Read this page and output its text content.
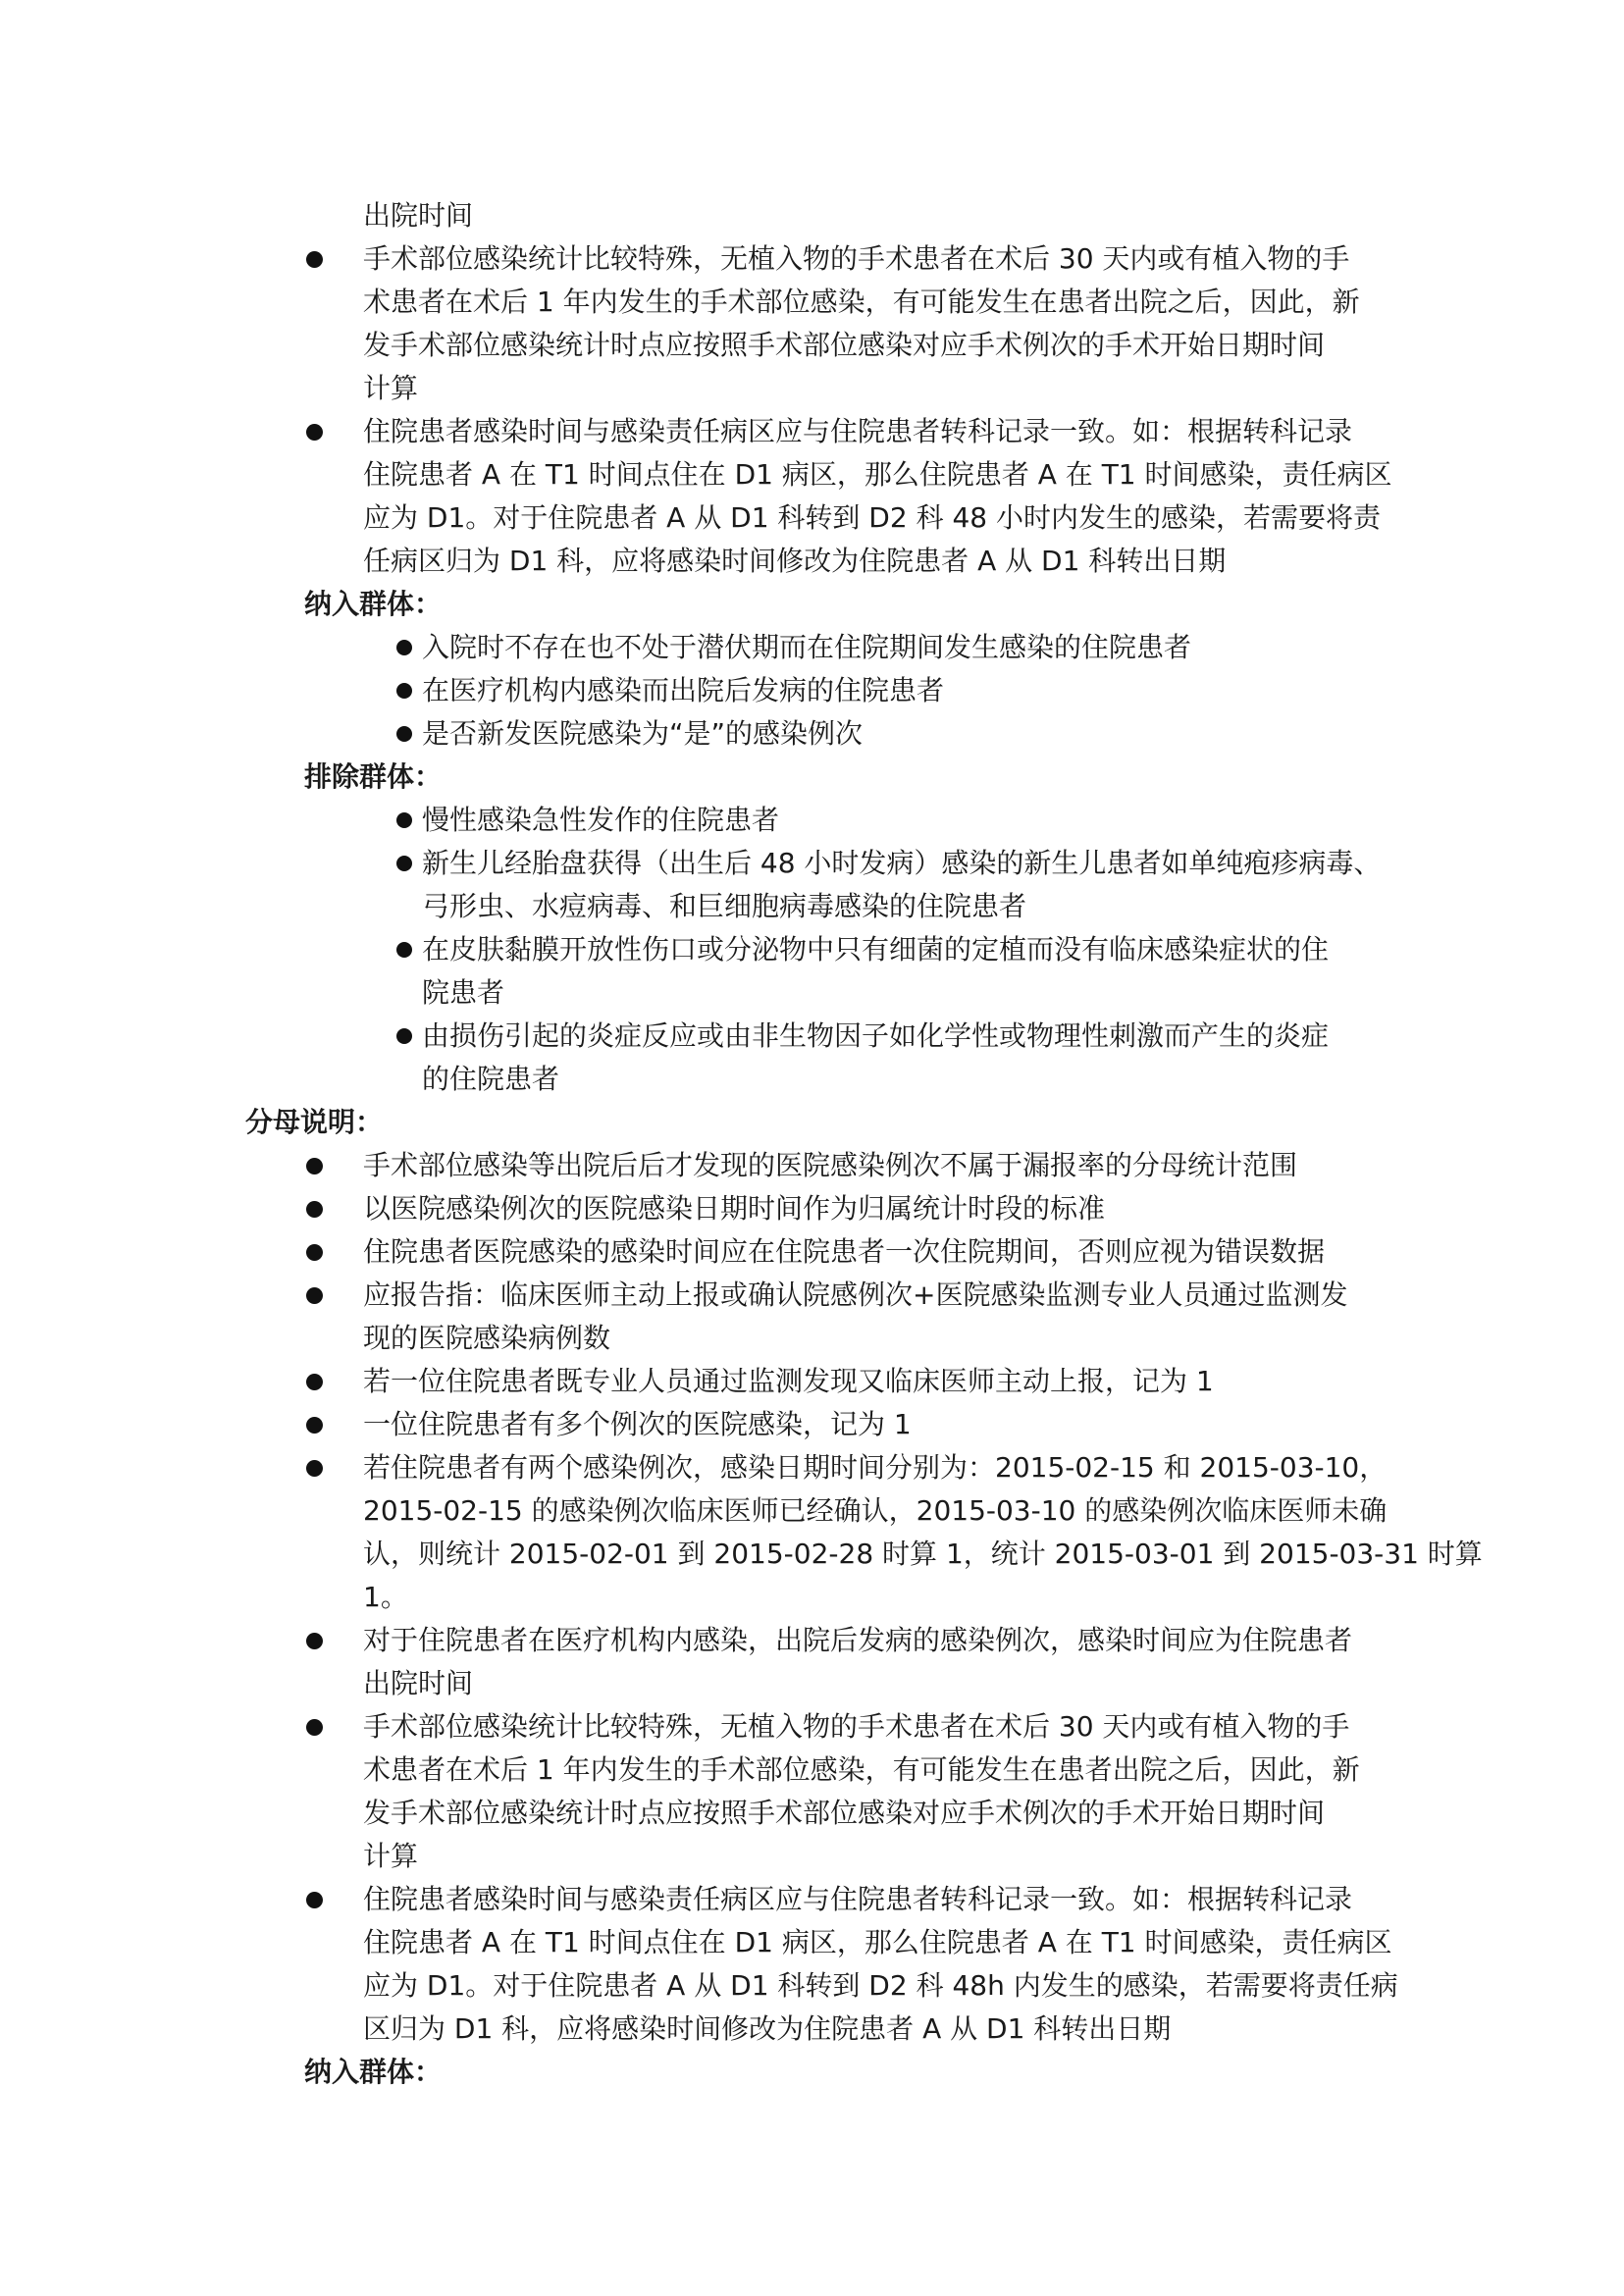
出院时间
手术部位感染统计比较特殊，无植入物的手术患者在术后 30 天内或有植入物的手
术患者在术后 1 年内发生的手术部位感染，有可能发生在患者出院之后，因此，新
发手术部位感染统计时点应按照手术部位感染对应手术例次的手术开始日期时间
计算
住院患者感染时间与感染责任病区应与住院患者转科记录一致。如：根据转科记录
住院患者 A 在 T1 时间点住在 D1 病区，那么住院患者 A 在 T1 时间感染，责任病区
应为 D1。对于住院患者 A 从 D1 科转到 D2 科 48 小时内发生的感染，若需要将责
任病区归为 D1 科，应将感染时间修改为住院患者 A 从 D1 科转出日期
纳入群体：
入院时不存在也不处于潜伏期而在住院期间发生感染的住院患者
在医疗机构内感染而出院后发病的住院患者
是否新发医院感染为“是”的感染例次
排除群体：
慢性感染急性发作的住院患者
新生儿经胎盘获得（出生后 48 小时发病）感染的新生儿患者如单纯疱疹病毒、
弓形虫、水痘病毒、和巨细胞病毒感染的住院患者
在皮肤黏膜开放性伤口或分泌物中只有细菌的定植而没有临床感染症状的住
院患者
由损伤引起的炎症反应或由非生物因子如化学性或物理性刺激而产生的炎症
的住院患者
分母说明：
手术部位感染等出院后后才发现的医院感染例次不属于漏报率的分母统计范围
以医院感染例次的医院感染日期时间作为归属统计时段的标准
住院患者医院感染的感染时间应在住院患者一次住院期间，否则应视为错误数据
应报告指：临床医师主动上报或确认院感例次+医院感染监测专业人员通过监测发
现的医院感染病例数
若一位住院患者既专业人员通过监测发现又临床医师主动上报，记为 1
一位住院患者有多个例次的医院感染，记为 1
若住院患者有两个感染例次，感染日期时间分别为：2015-02-15 和 2015-03-10，
2015-02-15 的感染例次临床医师已经确认，2015-03-10 的感染例次临床医师未确
认，则统计 2015-02-01 到 2015-02-28 时算 1，统计 2015-03-01 到 2015-03-31 时算
1。
对于住院患者在医疗机构内感染，出院后发病的感染例次，感染时间应为住院患者
出院时间
手术部位感染统计比较特殊，无植入物的手术患者在术后 30 天内或有植入物的手
术患者在术后 1 年内发生的手术部位感染，有可能发生在患者出院之后，因此，新
发手术部位感染统计时点应按照手术部位感染对应手术例次的手术开始日期时间
计算
住院患者感染时间与感染责任病区应与住院患者转科记录一致。如：根据转科记录
住院患者 A 在 T1 时间点住在 D1 病区，那么住院患者 A 在 T1 时间感染，责任病区
应为 D1。对于住院患者 A 从 D1 科转到 D2 科 48h 内发生的感染，若需要将责任病
区归为 D1 科，应将感染时间修改为住院患者 A 从 D1 科转出日期
纳入群体：
